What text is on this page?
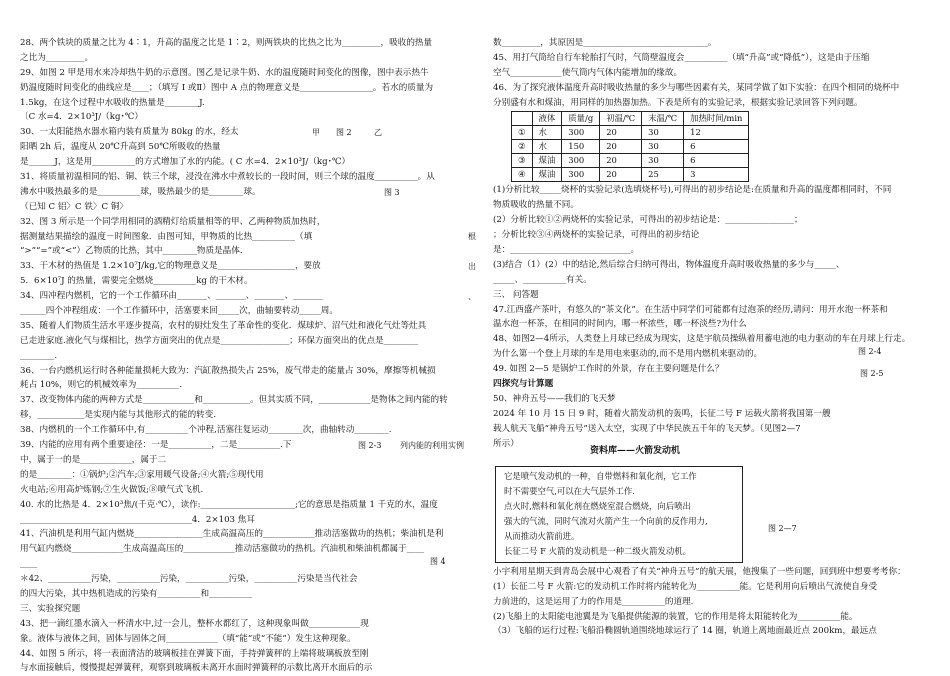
28、两个铁块的质量之比为 4∶1，升高的温度之比是 1∶2，则两铁块的比热之比为_________，吸收的热量
之比为_________。
29、如图 2 甲是用水来冷却热牛奶的示意图。图乙是记录牛奶、水的温度随时间变化的图像，图中表示热牛
奶温度随时间变化的曲线应是____；（填写 I 或Ⅱ）图中 A 点的物理意义是_________________。若水的质量为
1.5kg，在这个过程中水吸收的热量是________J.
〔C 水=4．2×10³J/（kg･℃）
30、一太阳能热水器水箱内装有质量为 80kg 的水，经太
阳晒 2h 后，温度从 20℃升高到 50℃所吸收的热量
是______J，这是用__________的方式增加了水的内能。( C 水=4．2×10³J/（kg･℃）
31、将质量初温相同的铝、铜、铁三个球，浸没在沸水中煮较长的一段时间，则三个球的温度__________。从
沸水中吸热最多的是__________球，吸热最少的是________球。
（已知 C 铝〉C 铁〉C 铜〉
32、图 3 所示是一个同学用相同的酒精灯给质量相等的甲、乙两种物质加热时，
据测量结果描绘的温度－时间图象．由图可知，甲物质的比热__________（填
“>”“=”或“<”）乙物质的比热，其中________物质是晶体．
33、干木材的热值是 1.2×10⁷J/kg,它的物理意义是__________________，要放
5．6×10⁷J 的热量，需要完全燃烧__________kg 的干木材。
34、四冲程内燃机，它的一个工作循环由_______、_______、_______、_______
______四个冲程组成：一个工作循环中，活塞要来回_____次，曲轴要转动_____周。
35、随着人们物质生活水平逐步提高，农村的厨灶发生了革命性的变化．煤球炉、沼气灶和液化气灶等灶具
已走进家庭.液化气与煤相比，热学方面突出的优点是________________；环保方面突出的优点是________
________.
36、一台内燃机运行时各种能量损耗大致为：汽缸散热损失占 25%，废气带走的能量占 30%，摩擦等机械损
耗占 10%，则它的机械效率为__________.
37、改变物体内能的两种方式是____________和___________。但其实质不同，____________是物体之间内能的转
移，___________是实现内能与其他形式的能的转变.
38、内燃机的一个工作循环中,有__________个冲程,活塞往复运动________次，曲轴转动________.
39、内能的应用有两个重要途径：一是__________，二是__________.下
中，属于一的是____________，属于二
的是________：①锅炉;②汽车;③家用暖气设备;④火箭;⑤现代用
火电站;⑥用高炉炼钢;⑦生火做饭;⑧喷气式飞机.
40. 水的比热是 4．2×10³焦/(千克·℃），读作:______________________;它的意思是指质量 1 千克的水，温度
________________________________________4．2×103 焦耳
41、汽油机是利用气缸内燃烧________________生成高温高压的____________推动活塞做功的热机；柴油机是利
用气缸内燃烧____________生成高温高压的____________推动活塞做功的热机。汽油机和柴油机都属于____
____
＊42、__________污染，__________污染，__________污染，__________污染是当代社会
的四大污染，其中热机造成的污染有__________和__________
三、实验探究题
43、把一滴红墨水滴入一杯清水中,过一会儿，整杯水都红了，这种现象叫做____________现
象。液体与液体之间，固体与固体之间____________（填“能”或“不能”）发生这种现象。
44、如图 5 所示，将一表面清洁的玻璃板挂在弹簧下面，手持弹簧秤的上端将玻璃板放至刚
与水面接触后，慢慢提起弹簧秤，观察到玻璃板未离开水面时弹簧秤的示数比离开水面后的示
甲 图 2	乙
图 3
根
出
、
图 2-3 列内能的利用实例
图 4
数_________，其原因是_____________________________。
45、用打气筒给自行车轮胎打气时，气筒壁温度会__________（填“升高”或“降低”），这是由于压缩
空气____________使气筒内气体内能增加的缘故。
46、为了探究液体温度升高时吸收热量的多少与哪些因素有关，某同学做了如下实验：在四个相同的烧杯中
分别盛有水和煤油，用同样的加热器加热。下表是所有的实验记录，根据实验记录回答下列问题。
	液体	质量/g	初温/℃	末温/℃	加热时间/min
①	水	300	20	30	12
②	水	150	20	30	6
③	煤油	300	20	30	6
④	煤油	300	20	25	3
(1)分析比较_____烧杯的实验记录(选填烧杯号),可得出的初步结论是:在质量和升高的温度都相同时，不同
物质吸收的热量不同。
(2）分析比较①②两烧杯的实验记录，可得出的初步结论是：________________；
；分析比较③④两烧杯的实验记录，可得出的初步结论
是：____________________________。
(3)结合（1）(2）中的结论,然后综合归纳可得出，物体温度升高时吸收热量的多少与_____、
_____、__________有关。
三、 问答题
47.江西盛产茶叶，有悠久的“茶文化”。在生活中同学们可能都有过泡茶的经历,请问：用开水泡一杯茶和
温水泡一杯茶，在相同的时间内，哪一杯浓些，哪一杯淡些?为什么
48、如图2—4所示，人类登上月球已经成为现实，这是宇航员操纵着用蓄电池的电力驱动的车在月球上行走。
为什么第一个登上月球的车是用电来驱动的,而不是用内燃机来驱动的。
49. 如图 2—5 是锅炉工作时的外景，存在主要问题是什么？
四探究与计算题
50、神舟五号——我们的飞天梦
2024 年 10 月 15 日 9 时，随着火箭发动机的轰鸣，长征二号 F 运载火箭将我国第一艘
载人航天飞船“神舟五号”送入太空，实现了中华民族五千年的飞天梦。（见图2—7
所示）
它是喷气发动机的一种，自带燃料和氧化剂，它工作
时不需要空气,可以在大气层外工作.
点火时,燃料和氧化剂在燃烧室混合燃烧，向后喷出
强大的气流，同时气流对火箭产生一个向前的反作用力,
从而推动火箭前进。
长征二号 F 火箭的发动机是一种二级火箭发动机。
小宇利用星期天到青岛会展中心观看了有关“神舟五号”的航天展，他搜集了一些问题，回到班中想要考考你：
(1）长征二号 F 火箭:它的发动机工作时将内能转化为__________能。它是利用向后喷出气流使自身受
力前进的，这是运用了力的作用是__________的道理.
(2)飞船上的太阳能电池翼是为飞船提供能源的装置，它的作用是将太阳能转化为__________能。
（3）飞船的运行过程:飞船沿椭圆轨道围绕地球运行了 14 圈，轨道上离地面最近点 200km，最远点
图 2-4
图 2-5
资料库——火箭发动机
图 2—7
